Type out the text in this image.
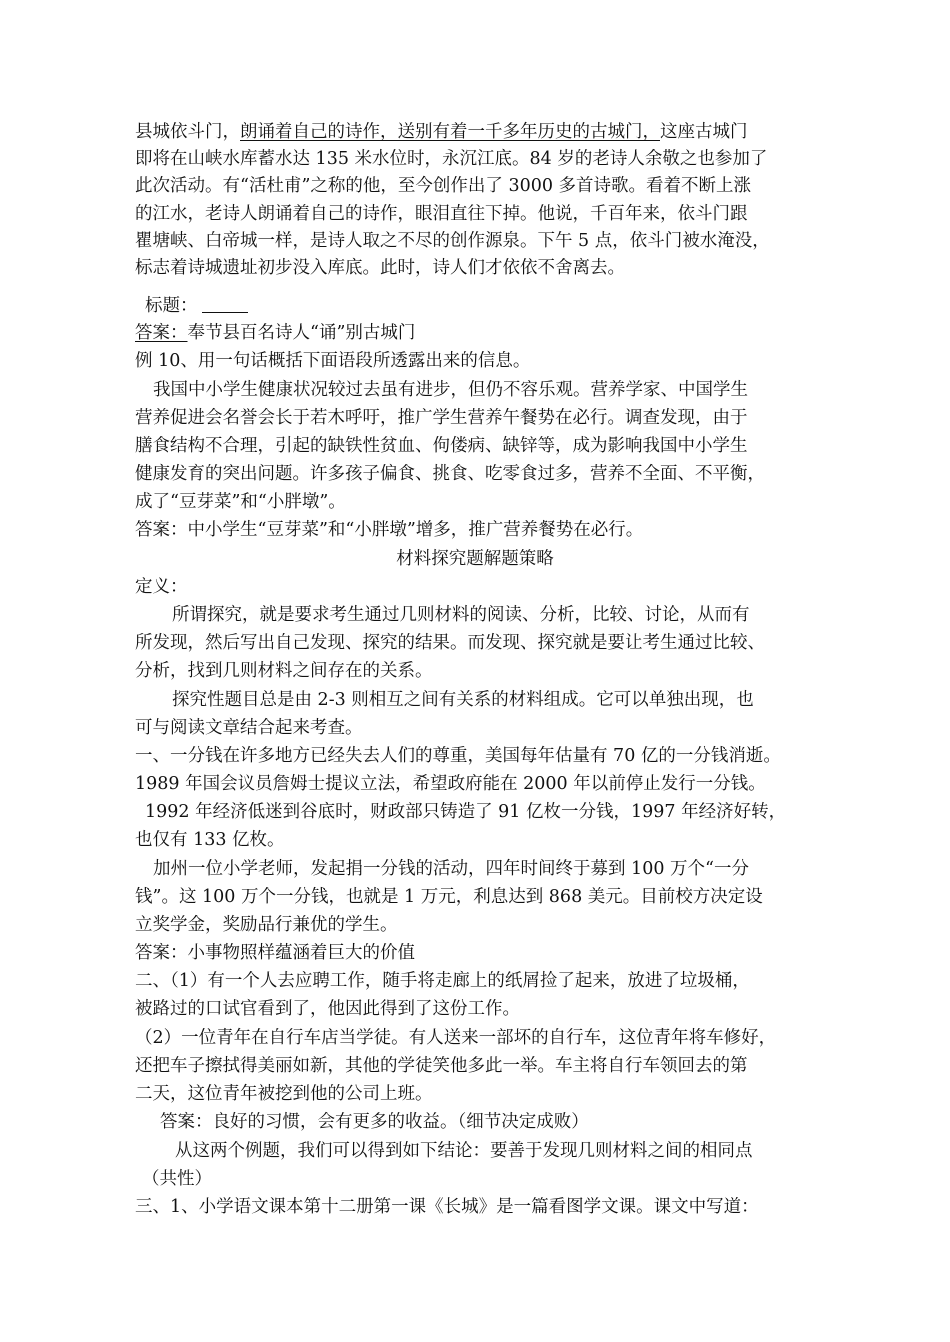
县城依斗门，朗诵着自己的诗作，送别有着一千多年历史的古城门，这座古城门
即将在山峡水库蓄水达 135 米水位时，永沉江底。84 岁的老诗人余敬之也参加了
此次活动。有“活杜甫”之称的他，至今创作出了 3000 多首诗歌。看着不断上涨
的江水，老诗人朗诵着自己的诗作，眼泪直往下掉。他说，千百年来，依斗门跟
瞿塘峡、白帝城一样，是诗人取之不尽的创作源泉。下午 5 点，依斗门被水淹没，
标志着诗城遗址初步没入库底。此时，诗人们才依依不舍离去。
标题：
答案：奉节县百名诗人“诵”别古城门
例 10、用一句话概括下面语段所透露出来的信息。
我国中小学生健康状况较过去虽有进步，但仍不容乐观。营养学家、中国学生
营养促进会名誉会长于若木呼吁，推广学生营养午餐势在必行。调查发现，由于
膳食结构不合理，引起的缺铁性贫血、佝偻病、缺锌等，成为影响我国中小学生
健康发育的突出问题。许多孩子偏食、挑食、吃零食过多，营养不全面、不平衡，
成了“豆芽菜”和“小胖墩”。
答案：中小学生“豆芽菜”和“小胖墩”增多，推广营养餐势在必行。
材料探究题解题策略
定义：
所谓探究，就是要求考生通过几则材料的阅读、分析，比较、讨论，从而有
所发现，然后写出自己发现、探究的结果。而发现、探究就是要让考生通过比较、
分析，找到几则材料之间存在的关系。
探究性题目总是由 2-3 则相互之间有关系的材料组成。它可以单独出现，也
可与阅读文章结合起来考查。
一、一分钱在许多地方已经失去人们的尊重，美国每年估量有 70 亿的一分钱消逝。
1989 年国会议员詹姆士提议立法，希望政府能在 2000 年以前停止发行一分钱。
1992 年经济低迷到谷底时，财政部只铸造了 91 亿枚一分钱，1997 年经济好转，
也仅有 133 亿枚。
加州一位小学老师，发起捐一分钱的活动，四年时间终于募到 100 万个“一分
钱”。这 100 万个一分钱，也就是 1 万元，利息达到 868 美元。目前校方决定设
立奖学金，奖励品行兼优的学生。
答案：小事物照样蕴涵着巨大的价值
二、（1）有一个人去应聘工作，随手将走廊上的纸屑捡了起来，放进了垃圾桶，
被路过的口试官看到了，他因此得到了这份工作。
（2）一位青年在自行车店当学徒。有人送来一部坏的自行车，这位青年将车修好，
还把车子擦拭得美丽如新，其他的学徒笑他多此一举。车主将自行车领回去的第
二天，这位青年被挖到他的公司上班。
答案：良好的习惯，会有更多的收益。（细节决定成败）
从这两个例题，我们可以得到如下结论：要善于发现几则材料之间的相同点
（共性）
三、1、小学语文课本第十二册第一课《长城》是一篇看图学文课。课文中写道：
